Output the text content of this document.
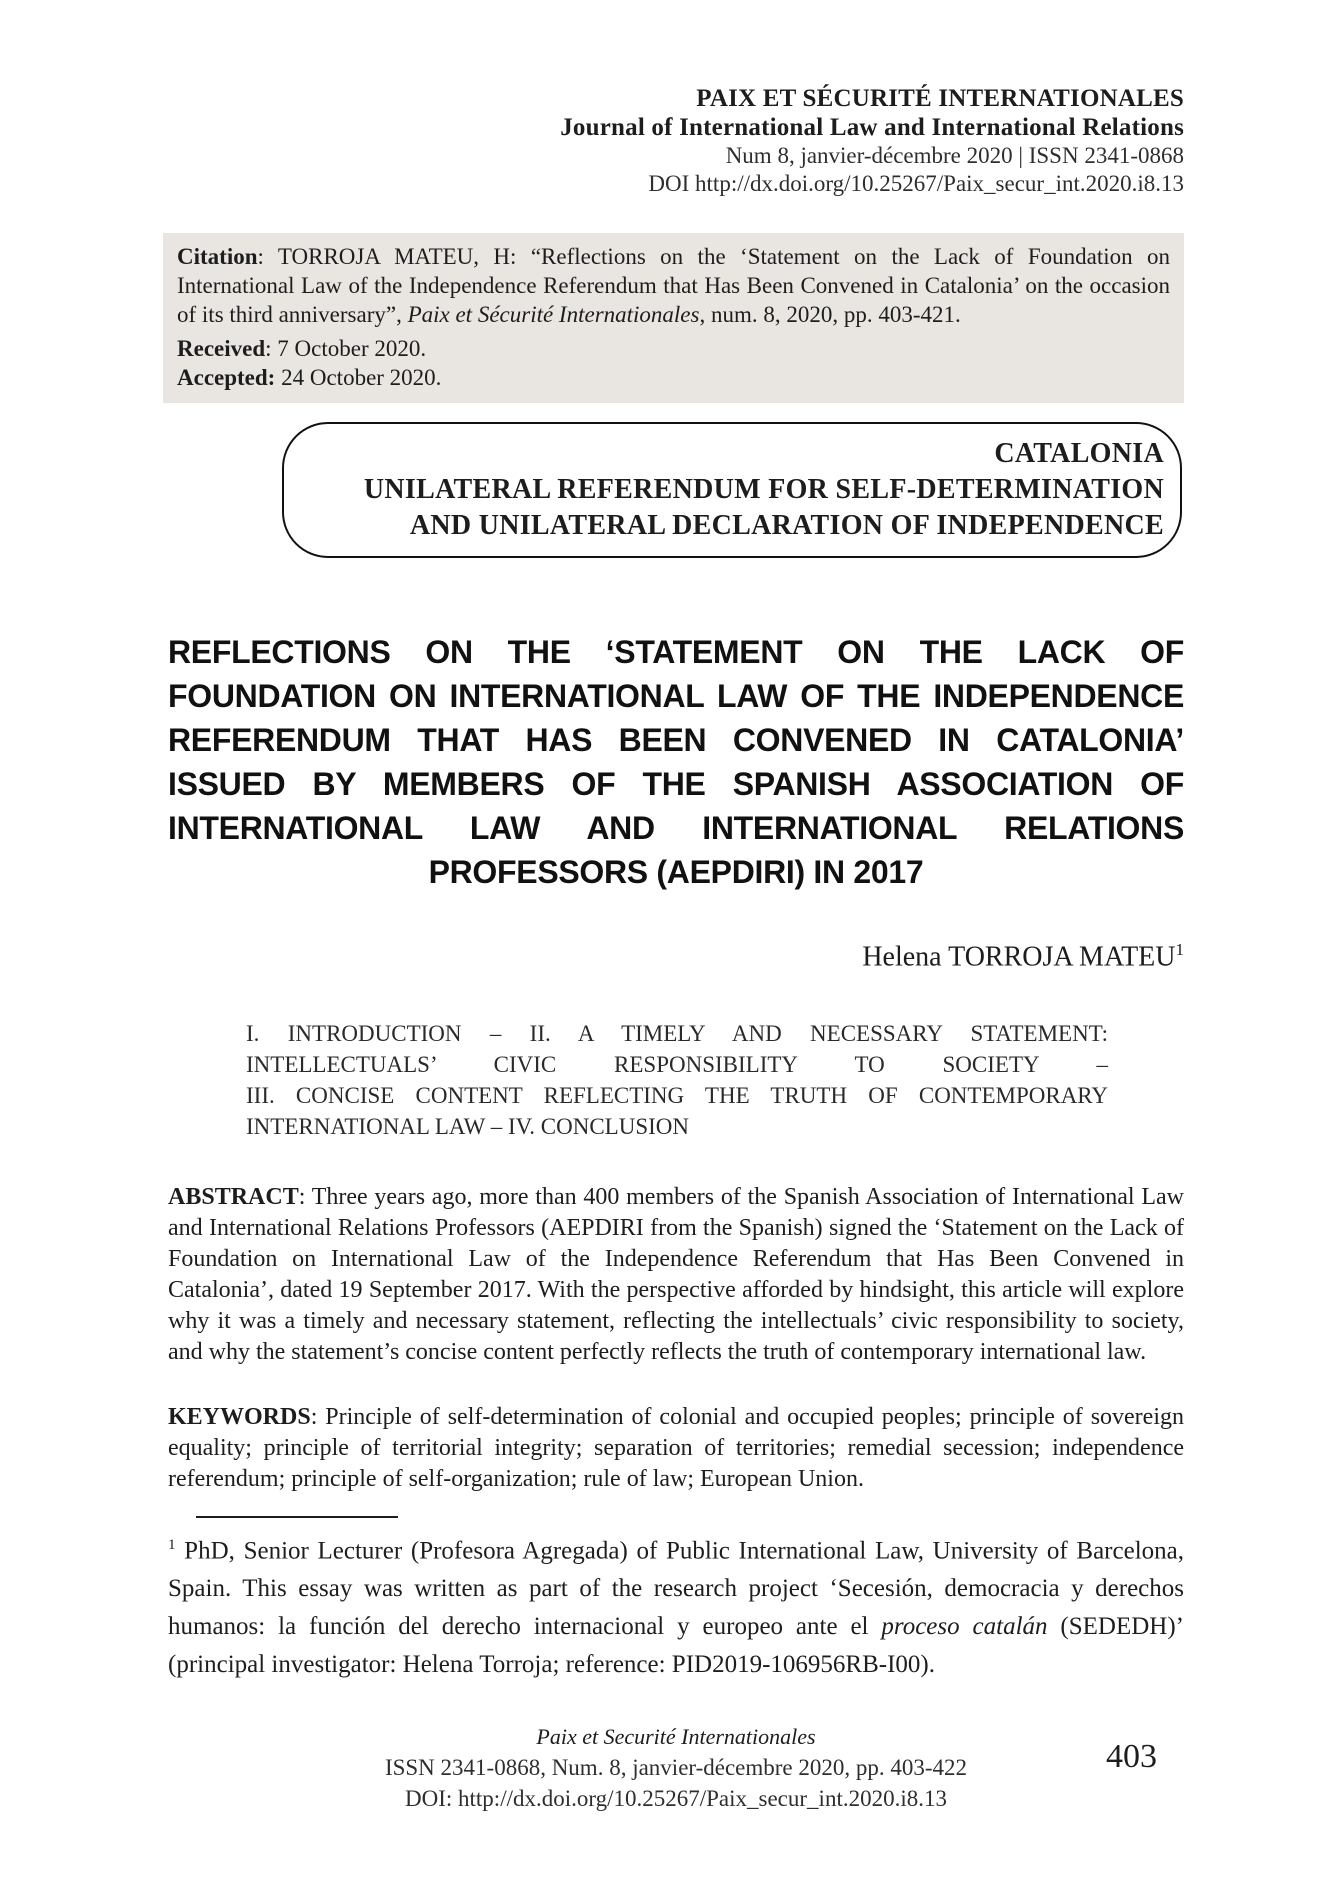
PAIX ET SÉCURITÉ INTERNATIONALES
Journal of International Law and International Relations
Num 8, janvier-décembre 2020 | ISSN 2341-0868
DOI http://dx.doi.org/10.25267/Paix_secur_int.2020.i8.13
Citation: TORROJA MATEU, H: “Reflections on the ‘Statement on the Lack of Foundation on International Law of the Independence Referendum that Has Been Convened in Catalonia’ on the occasion of its third anniversary”, Paix et Sécurité Internationales, num. 8, 2020, pp. 403-421.
Received: 7 October 2020.
Accepted: 24 October 2020.
CATALONIA
UNILATERAL REFERENDUM FOR SELF-DETERMINATION
AND UNILATERAL DECLARATION OF INDEPENDENCE
REFLECTIONS ON THE ‘STATEMENT ON THE LACK OF
FOUNDATION ON INTERNATIONAL LAW OF THE INDEPENDENCE
REFERENDUM THAT HAS BEEN CONVENED IN CATALONIA’
ISSUED BY MEMBERS OF THE SPANISH ASSOCIATION OF
INTERNATIONAL LAW AND INTERNATIONAL RELATIONS
PROFESSORS (AEPDIRI) IN 2017
Helena TORROJA MATEU$^1$
I. INTRODUCTION – II. A TIMELY AND NECESSARY STATEMENT:
INTELLECTUALS’ CIVIC RESPONSIBILITY TO SOCIETY –
III. CONCISE CONTENT REFLECTING THE TRUTH OF CONTEMPORARY
INTERNATIONAL LAW – IV. CONCLUSION
ABSTRACT: Three years ago, more than 400 members of the Spanish Association of International Law and International Relations Professors (AEPDIRI from the Spanish) signed the ‘Statement on the Lack of Foundation on International Law of the Independence Referendum that Has Been Convened in Catalonia’, dated 19 September 2017. With the perspective afforded by hindsight, this article will explore why it was a timely and necessary statement, reflecting the intellectuals’ civic responsibility to society, and why the statement’s concise content perfectly reflects the truth of contemporary international law.
KEYWORDS: Principle of self-determination of colonial and occupied peoples; principle of sovereign equality; principle of territorial integrity; separation of territories; remedial secession; independence referendum; principle of self-organization; rule of law; European Union.
$^1$ PhD, Senior Lecturer (Profesora Agregada) of Public International Law, University of Barcelona, Spain. This essay was written as part of the research project ‘Secesión, democracia y derechos humanos: la función del derecho internacional y europeo ante el proceso catalán (SEDEDH)’ (principal investigator: Helena Torroja; reference: PID2019-106956RB-I00).
Paix et Securité Internationales
ISSN 2341-0868, Num. 8, janvier-décembre 2020, pp. 403-422
DOI: http://dx.doi.org/10.25267/Paix_secur_int.2020.i8.13
403
